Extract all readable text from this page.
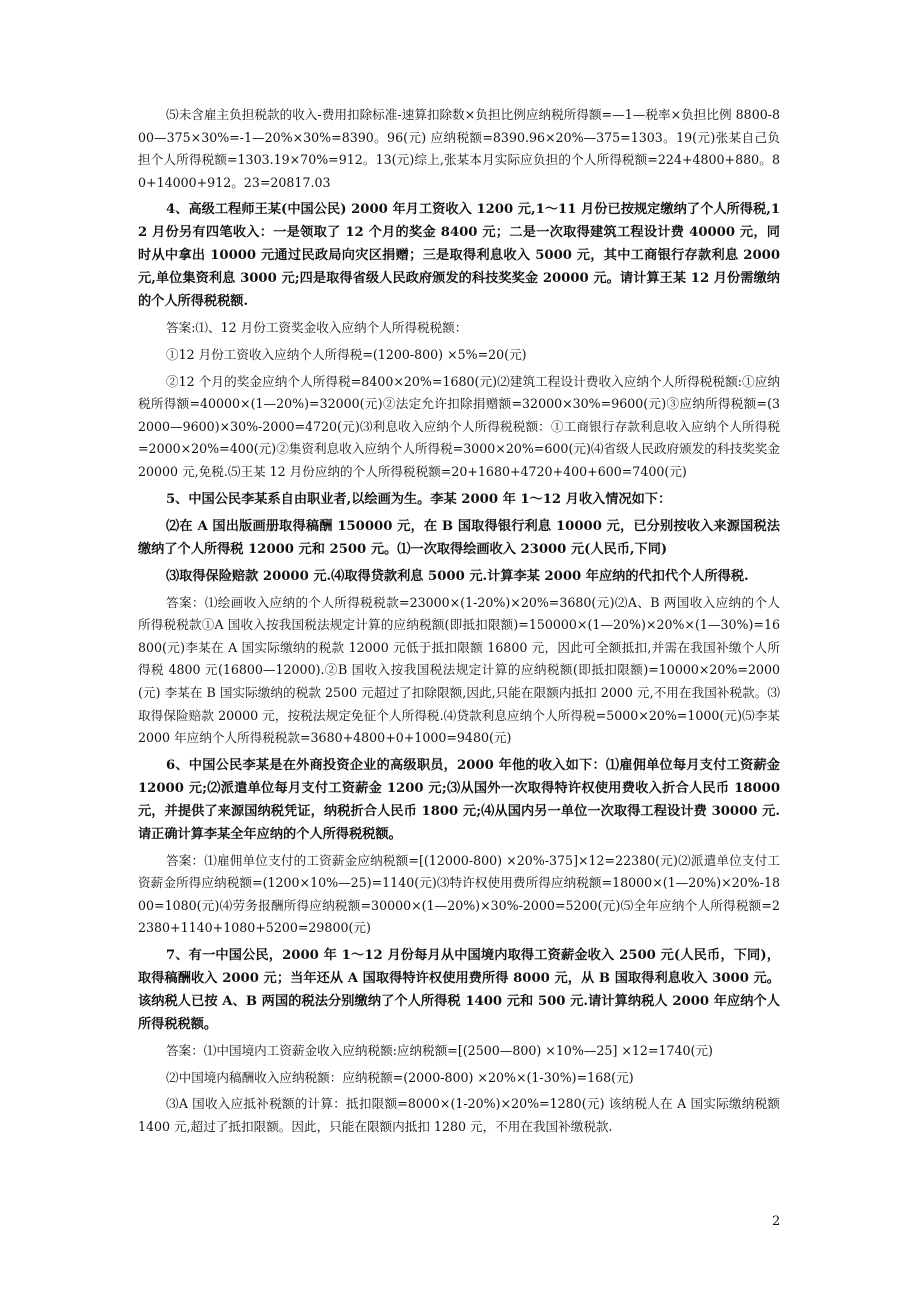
⑸未含雇主负担税款的收入-费用扣除标准-速算扣除数×负担比例应纳税所得额=—1—税率×负担比例 8800-800—375×30%=-1—20%×30%=8390。96(元) 应纳税额=8390.96×20%—375=1303。19(元)张某自己负担个人所得税额=1303.19×70%=912。13(元)综上,张某本月实际应负担的个人所得税额=224+4800+880。80+14000+912。23=20817.03

4、高级工程师王某(中国公民) 2000 年月工资收入 1200 元,1～11 月份已按规定缴纳了个人所得税,12 月份另有四笔收入：一是领取了 12 个月的奖金 8400 元；二是一次取得建筑工程设计费 40000 元，同时从中拿出 10000 元通过民政局向灾区捐赠；三是取得利息收入 5000 元，其中工商银行存款利息 2000 元,单位集资利息 3000 元;四是取得省级人民政府颁发的科技奖奖金 20000 元。请计算王某 12 月份需缴纳的个人所得税税额.

答案:⑴、12 月份工资奖金收入应纳个人所得税税额：

①12 月份工资收入应纳个人所得税=(1200-800) ×5%=20(元)

②12 个月的奖金应纳个人所得税=8400×20%=1680(元)⑵建筑工程设计费收入应纳个人所得税税额:①应纳税所得额=40000×(1—20%)=32000(元)②法定允许扣除捐赠额=32000×30%=9600(元)③应纳所得税额=(32000—9600)×30%-2000=4720(元)⑶利息收入应纳个人所得税税额：①工商银行存款利息收入应纳个人所得税=2000×20%=400(元)②集资利息收入应纳个人所得税=3000×20%=600(元)⑷省级人民政府颁发的科技奖奖金 20000 元,免税.⑸王某 12 月份应纳的个人所得税税额=20+1680+4720+400+600=7400(元)

5、中国公民李某系自由职业者,以绘画为生。李某 2000 年 1～12 月收入情况如下：

⑵在 A 国出版画册取得稿酬 150000 元，在 B 国取得银行利息 10000 元，已分别按收入来源国税法缴纳了个人所得税 12000 元和 2500 元。⑴一次取得绘画收入 23000 元(人民币,下同)

⑶取得保险赔款 20000 元.⑷取得贷款利息 5000 元.计算李某 2000 年应纳的代扣代个人所得税.

答案：⑴绘画收入应纳的个人所得税税款=23000×(1-20%)×20%=3680(元)⑵A、B 两国收入应纳的个人所得税税款①A 国收入按我国税法规定计算的应纳税额(即抵扣限额)=150000×(1—20%)×20%×(1—30%)=16800(元)李某在 A 国实际缴纳的税款 12000 元低于抵扣限额 16800 元，因此可全额抵扣,并需在我国补缴个人所得税 4800 元(16800—12000).②B 国收入按我国税法规定计算的应纳税额(即抵扣限额)=10000×20%=2000(元) 李某在 B 国实际缴纳的税款 2500 元超过了扣除限额,因此,只能在限额内抵扣 2000 元,不用在我国补税款。⑶取得保险赔款 20000 元，按税法规定免征个人所得税.⑷贷款利息应纳个人所得税=5000×20%=1000(元)⑸李某 2000 年应纳个人所得税税款=3680+4800+0+1000=9480(元)

6、中国公民李某是在外商投资企业的高级职员，2000 年他的收入如下：⑴雇佣单位每月支付工资薪金 12000 元;⑵派遣单位每月支付工资薪金 1200 元;⑶从国外一次取得特许权使用费收入折合人民币 18000 元，并提供了来源国纳税凭证，纳税折合人民币 1800 元;⑷从国内另一单位一次取得工程设计费 30000 元.请正确计算李某全年应纳的个人所得税税额。

答案：⑴雇佣单位支付的工资薪金应纳税额=[(12000-800) ×20%-375]×12=22380(元)⑵派遣单位支付工资薪金所得应纳税额=(1200×10%—25)=1140(元)⑶特许权使用费所得应纳税额=18000×(1—20%)×20%-1800=1080(元)⑷劳务报酬所得应纳税额=30000×(1—20%)×30%-2000=5200(元)⑸全年应纳个人所得税额=22380+1140+1080+5200=29800(元)

7、有一中国公民，2000 年 1～12 月份每月从中国境内取得工资薪金收入 2500 元(人民币，下同)，取得稿酬收入 2000 元；当年还从 A 国取得特许权使用费所得 8000 元，从 B 国取得利息收入 3000 元。该纳税人已按 A、B 两国的税法分别缴纳了个人所得税 1400 元和 500 元.请计算纳税人 2000 年应纳个人所得税税额。

答案：⑴中国境内工资薪金收入应纳税额:应纳税额=[(2500—800) ×10%—25] ×12=1740(元)

⑵中国境内稿酬收入应纳税额：应纳税额=(2000-800) ×20%×(1-30%)=168(元)

⑶A 国收入应抵补税额的计算：抵扣限额=8000×(1-20%)×20%=1280(元) 该纳税人在 A 国实际缴纳税额 1400 元,超过了抵扣限额。因此，只能在限额内抵扣 1280 元，不用在我国补缴税款.

2
